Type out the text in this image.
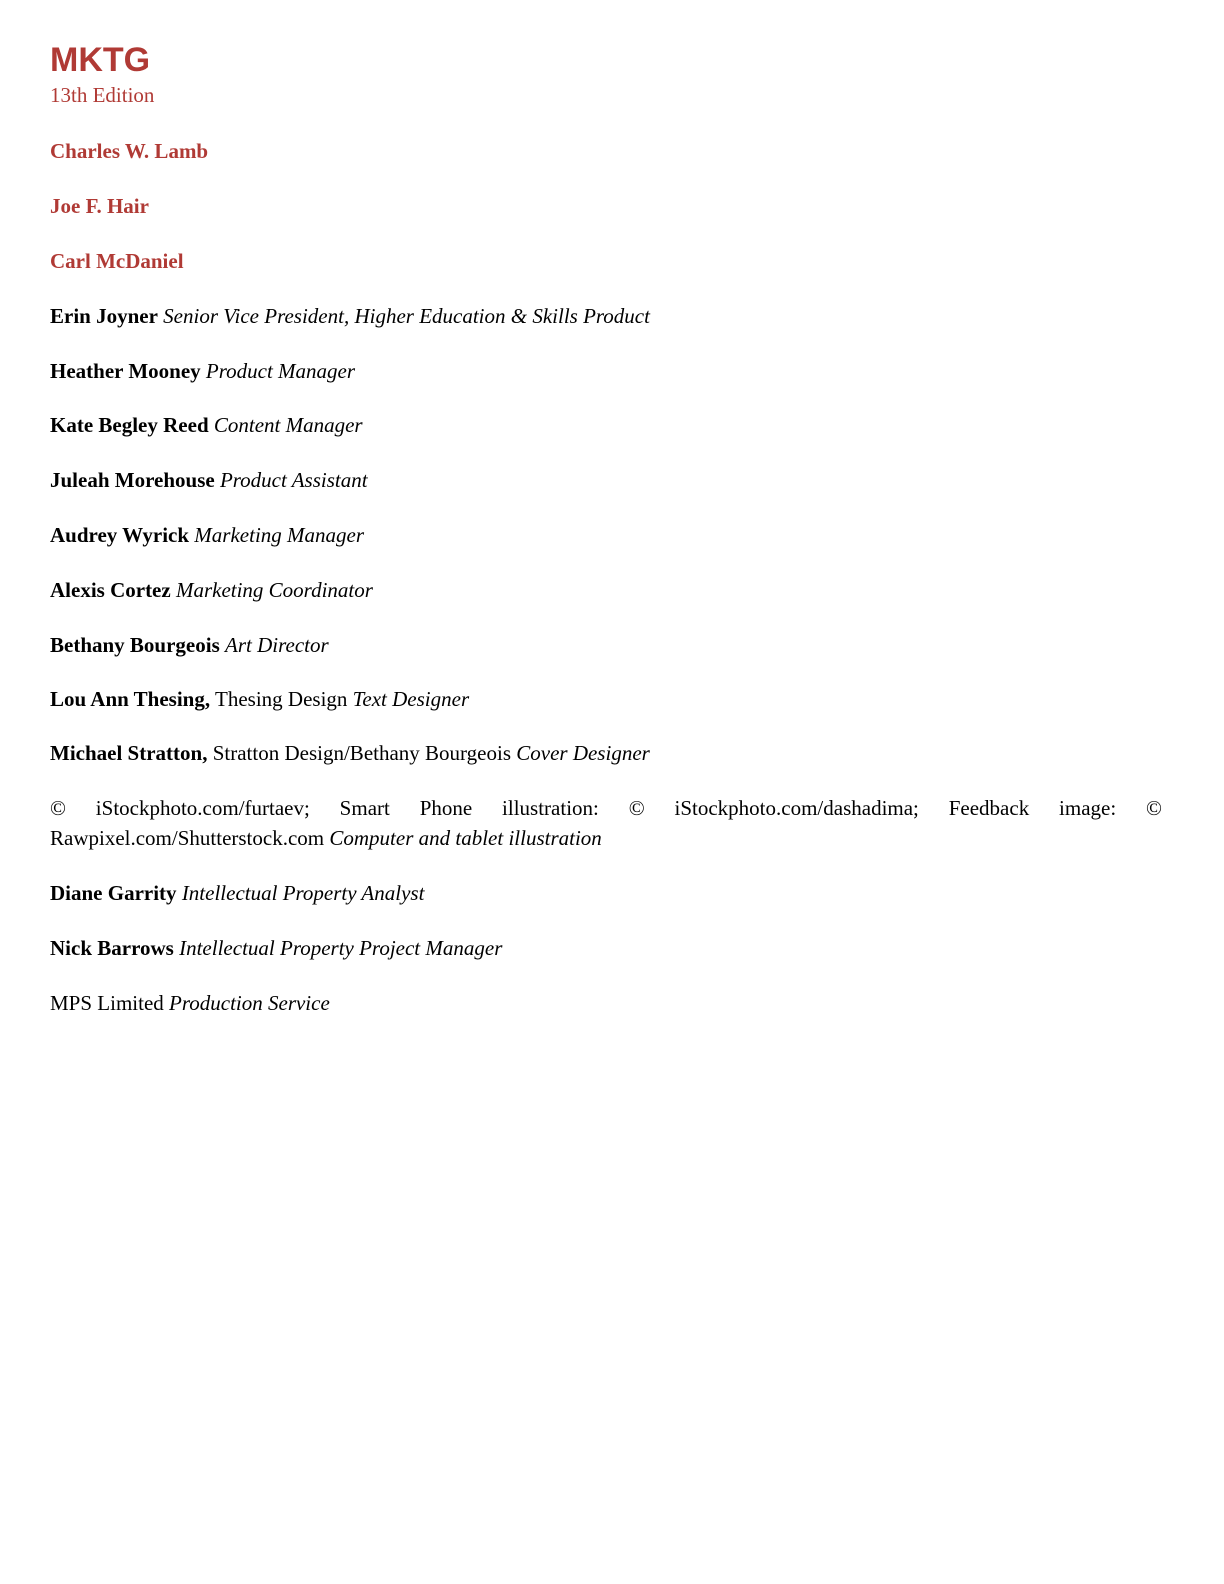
MKTG
13th Edition
Charles W. Lamb
Joe F. Hair
Carl McDaniel
Erin Joyner Senior Vice President, Higher Education & Skills Product
Heather Mooney Product Manager
Kate Begley Reed Content Manager
Juleah Morehouse Product Assistant
Audrey Wyrick Marketing Manager
Alexis Cortez Marketing Coordinator
Bethany Bourgeois Art Director
Lou Ann Thesing, Thesing Design Text Designer
Michael Stratton, Stratton Design/Bethany Bourgeois Cover Designer
© iStockphoto.com/furtaev; Smart Phone illustration: © iStockphoto.com/dashadima; Feedback image: © Rawpixel.com/Shutterstock.com Computer and tablet illustration
Diane Garrity Intellectual Property Analyst
Nick Barrows Intellectual Property Project Manager
MPS Limited Production Service
